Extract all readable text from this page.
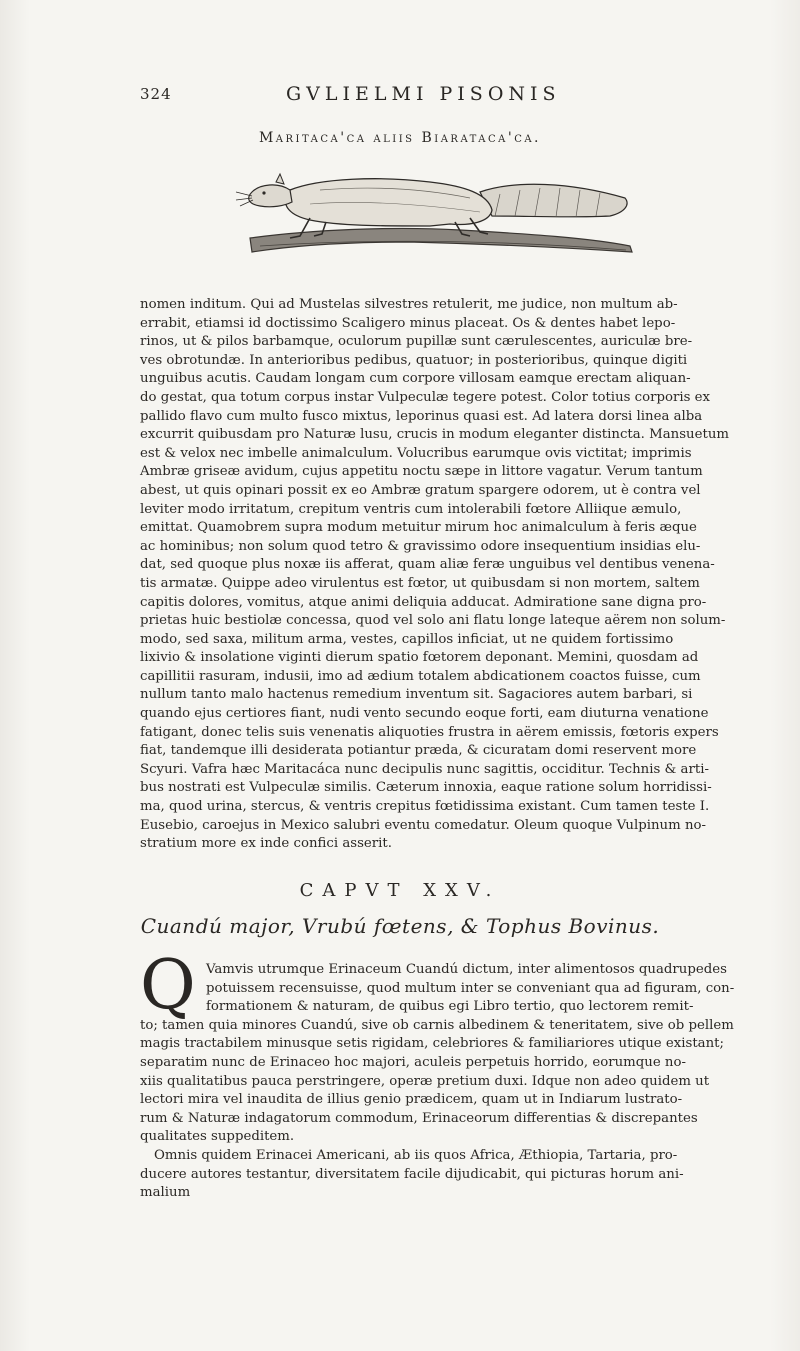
324	GVLIELMI PISONIS
Maritaca'ca aliis Biarataca'ca.
nomen inditum. Qui ad Mustelas silvestres retulerit, me judice, non multum ab-
errabit, etiamsi id doctissimo Scaligero minus placeat. Os & dentes habet lepo-
rinos, ut & pilos barbamque, oculorum pupillæ sunt cærulescentes, auriculæ bre-
ves obrotundæ. In anterioribus pedibus, quatuor; in posterioribus, quinque digiti
unguibus acutis. Caudam longam cum corpore villosam eamque erectam aliquan-
do gestat, qua totum corpus instar Vulpeculæ tegere potest. Color totius corporis ex
pallido flavo cum multo fusco mixtus, leporinus quasi est. Ad latera dorsi linea alba
excurrit quibusdam pro Naturæ lusu, crucis in modum eleganter distincta. Mansuetum
est & velox nec imbelle animalculum. Volucribus earumque ovis victitat; imprimis
Ambræ griseæ avidum, cujus appetitu noctu sæpe in littore vagatur. Verum tantum
abest, ut quis opinari possit ex eo Ambræ gratum spargere odorem, ut è contra vel
leviter modo irritatum, crepitum ventris cum intolerabili fœtore Alliique æmulo,
emittat. Quamobrem supra modum metuitur mirum hoc animalculum à feris æque
ac hominibus; non solum quod tetro & gravissimo odore insequentium insidias elu-
dat, sed quoque plus noxæ iis afferat, quam aliæ feræ unguibus vel dentibus venena-
tis armatæ. Quippe adeo virulentus est fœtor, ut quibusdam si non mortem, saltem
capitis dolores, vomitus, atque animi deliquia adducat. Admiratione sane digna pro-
prietas huic bestiolæ concessa, quod vel solo ani flatu longe lateque aërem non solum-
modo, sed saxa, militum arma, vestes, capillos inficiat, ut ne quidem fortissimo
lixivio & insolatione viginti dierum spatio fœtorem deponant. Memini, quosdam ad
capillitii rasuram, indusii, imo ad ædium totalem abdicationem coactos fuisse, cum
nullum tanto malo hactenus remedium inventum sit. Sagaciores autem barbari, si
quando ejus certiores fiant, nudi vento secundo eoque forti, eam diuturna venatione
fatigant, donec telis suis venenatis aliquoties frustra in aërem emissis, fœtoris expers
fiat, tandemque illi desiderata potiantur præda, & cicuratam domi reservent more
Scyuri. Vafra hæc Maritacáca nunc decipulis nunc sagittis, occiditur. Technis & arti-
bus nostrati est Vulpeculæ similis. Cæterum innoxia, eaque ratione solum horridissi-
ma, quod urina, stercus, & ventris crepitus fœtidissima existant. Cum tamen teste I.
Eusebio, caroejus in Mexico salubri eventu comedatur. Oleum quoque Vulpinum no-
stratium more ex inde confici asserit.
CAPVT XXV.
Cuandú major, Vrubú fœtens, & Tophus Bovinus.
Q Vamvis utrumque Erinaceum Cuandú dictum, inter alimentosos quadrupedes
potuissem recensuisse, quod multum inter se conveniant qua ad figuram, con-
formationem & naturam, de quibus egi Libro tertio, quo lectorem remit-
to; tamen quia minores Cuandú, sive ob carnis albedinem & teneritatem, sive ob pellem
magis tractabilem minusque setis rigidam, celebriores & familiariores utique existant;
separatim nunc de Erinaceo hoc majori, aculeis perpetuis horrido, eorumque no-
xiis qualitatibus pauca perstringere, operæ pretium duxi. Idque non adeo quidem ut
lectori mira vel inaudita de illius genio prædicem, quam ut in Indiarum lustrato-
rum & Naturæ indagatorum commodum, Erinaceorum differentias & discrepantes
qualitates suppeditem.
Omnis quidem Erinacei Americani, ab iis quos Africa, Æthiopia, Tartaria, pro-
ducere autores testantur, diversitatem facile dijudicabit, qui picturas horum ani-
malium
